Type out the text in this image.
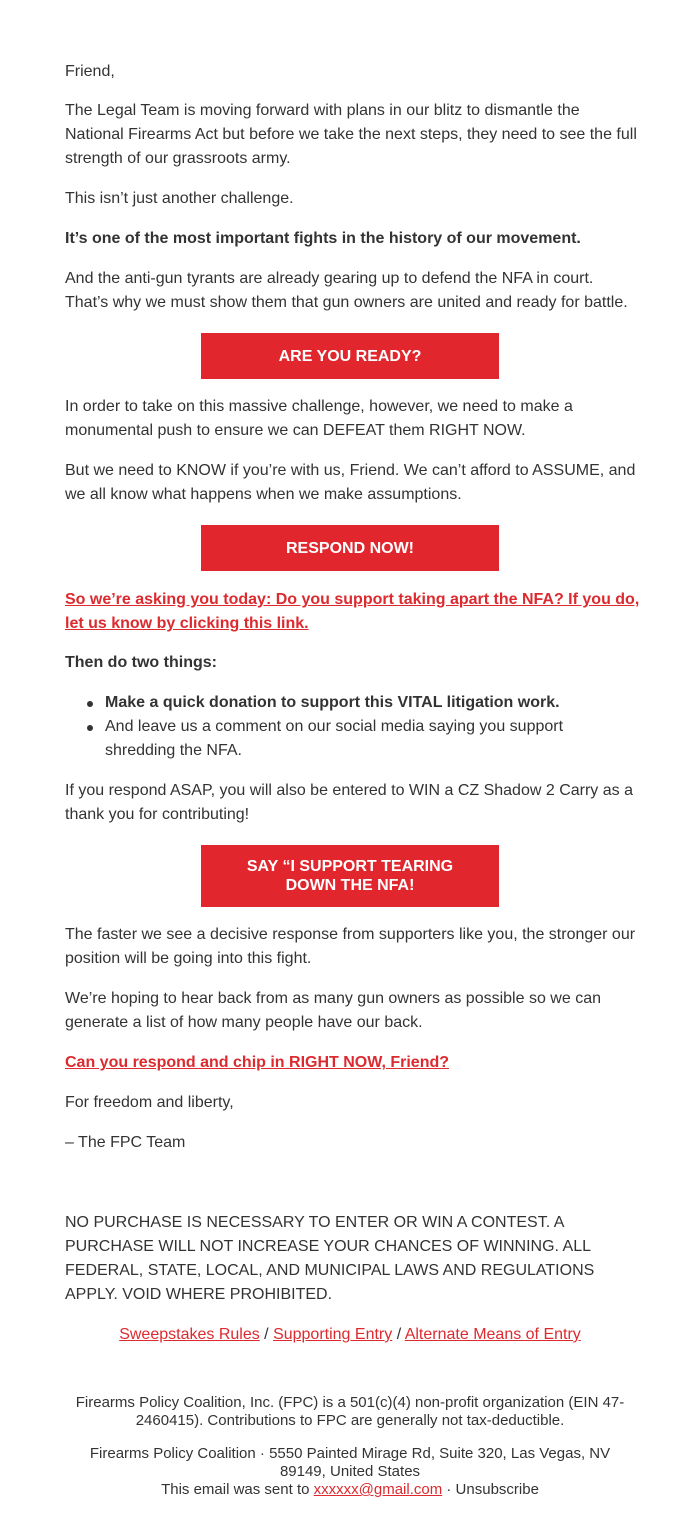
Friend,

The Legal Team is moving forward with plans in our blitz to dismantle the National Firearms Act but before we take the next steps, they need to see the full strength of our grassroots army.

This isn’t just another challenge.

It’s one of the most important fights in the history of our movement.

And the anti-gun tyrants are already gearing up to defend the NFA in court. That’s why we must show them that gun owners are united and ready for battle.

ARE YOU READY?

In order to take on this massive challenge, however, we need to make a monumental push to ensure we can DEFEAT them RIGHT NOW.

But we need to KNOW if you’re with us, Friend. We can’t afford to ASSUME, and we all know what happens when we make assumptions.

RESPOND NOW!

So we’re asking you today: Do you support taking apart the NFA? If you do, let us know by clicking this link.

Then do two things:

Make a quick donation to support this VITAL litigation work.
And leave us a comment on our social media saying you support shredding the NFA.

If you respond ASAP, you will also be entered to WIN a CZ Shadow 2 Carry as a thank you for contributing!

SAY “I SUPPORT TEARING DOWN THE NFA!

The faster we see a decisive response from supporters like you, the stronger our position will be going into this fight.

We’re hoping to hear back from as many gun owners as possible so we can generate a list of how many people have our back.

Can you respond and chip in RIGHT NOW, Friend?

For freedom and liberty,

– The FPC Team

NO PURCHASE IS NECESSARY TO ENTER OR WIN A CONTEST. A PURCHASE WILL NOT INCREASE YOUR CHANCES OF WINNING. ALL FEDERAL, STATE, LOCAL, AND MUNICIPAL LAWS AND REGULATIONS APPLY. VOID WHERE PROHIBITED.
Sweepstakes Rules / Supporting Entry / Alternate Means of Entry
Firearms Policy Coalition, Inc. (FPC) is a 501(c)(4) non-profit organization (EIN 47-2460415). Contributions to FPC are generally not tax-deductible.
Firearms Policy Coalition · 5550 Painted Mirage Rd, Suite 320, Las Vegas, NV 89149, United States
This email was sent to xxxxxx@gmail.com · Unsubscribe
